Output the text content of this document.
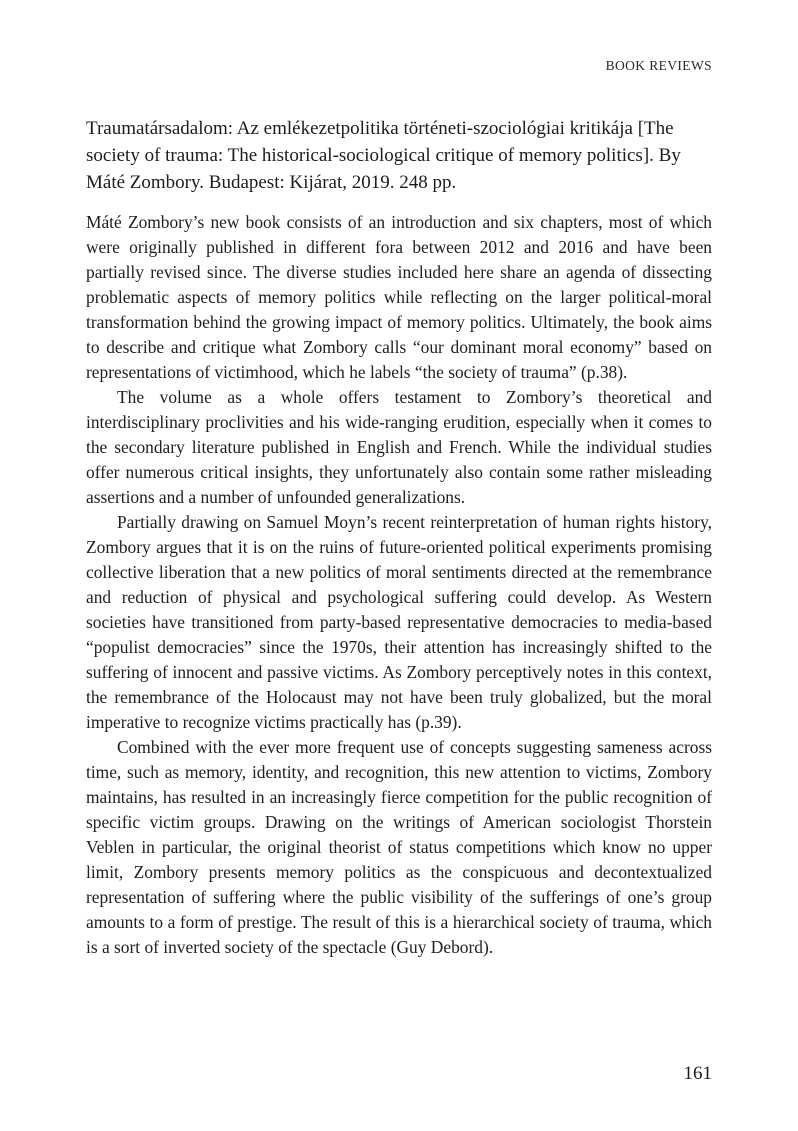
BOOK REVIEWS
Traumatársadalom: Az emlékezetpolitika történeti-szociológiai kritikája [The society of trauma: The historical-sociological critique of memory politics]. By Máté Zombory. Budapest: Kijárat, 2019. 248 pp.

Máté Zombory’s new book consists of an introduction and six chapters, most of which were originally published in different fora between 2012 and 2016 and have been partially revised since. The diverse studies included here share an agenda of dissecting problematic aspects of memory politics while reflecting on the larger political-moral transformation behind the growing impact of memory politics. Ultimately, the book aims to describe and critique what Zombory calls “our dominant moral economy” based on representations of victimhood, which he labels “the society of trauma” (p.38).

The volume as a whole offers testament to Zombory’s theoretical and interdisciplinary proclivities and his wide-ranging erudition, especially when it comes to the secondary literature published in English and French. While the individual studies offer numerous critical insights, they unfortunately also contain some rather misleading assertions and a number of unfounded generalizations.

Partially drawing on Samuel Moyn’s recent reinterpretation of human rights history, Zombory argues that it is on the ruins of future-oriented political experiments promising collective liberation that a new politics of moral sentiments directed at the remembrance and reduction of physical and psychological suffering could develop. As Western societies have transitioned from party-based representative democracies to media-based “populist democracies” since the 1970s, their attention has increasingly shifted to the suffering of innocent and passive victims. As Zombory perceptively notes in this context, the remembrance of the Holocaust may not have been truly globalized, but the moral imperative to recognize victims practically has (p.39).

Combined with the ever more frequent use of concepts suggesting sameness across time, such as memory, identity, and recognition, this new attention to victims, Zombory maintains, has resulted in an increasingly fierce competition for the public recognition of specific victim groups. Drawing on the writings of American sociologist Thorstein Veblen in particular, the original theorist of status competitions which know no upper limit, Zombory presents memory politics as the conspicuous and decontextualized representation of suffering where the public visibility of the sufferings of one’s group amounts to a form of prestige. The result of this is a hierarchical society of trauma, which is a sort of inverted society of the spectacle (Guy Debord).

161
